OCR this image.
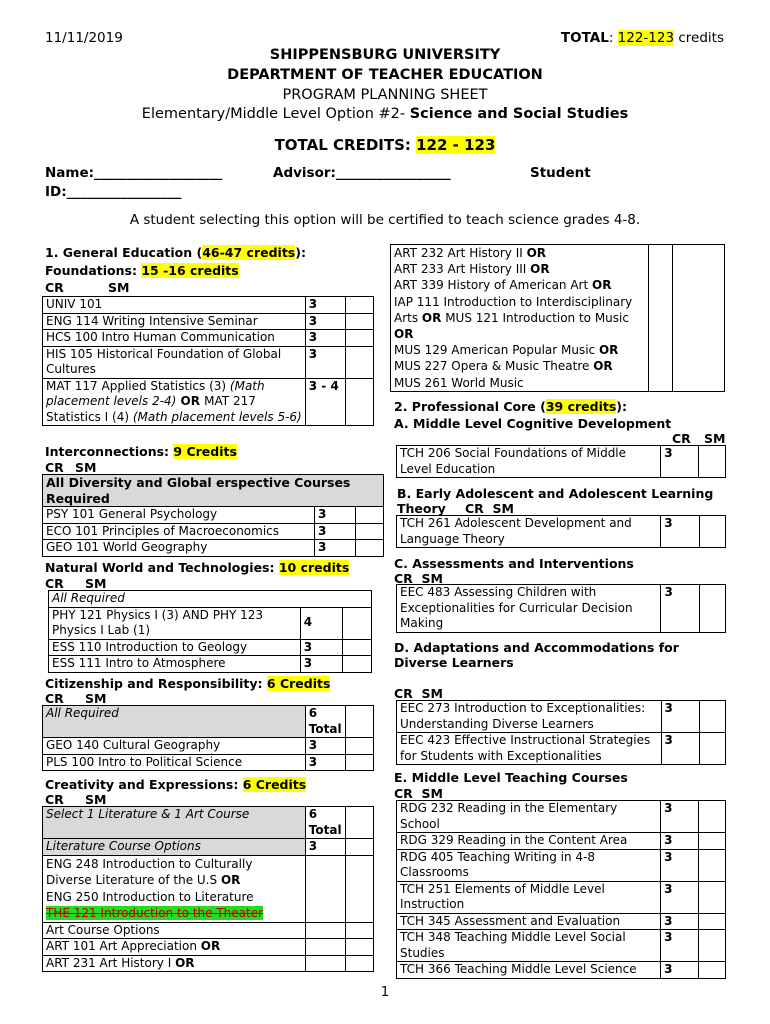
11/11/2019	TOTAL: 122-123 credits
SHIPPENSBURG UNIVERSITY
DEPARTMENT OF TEACHER EDUCATION
PROGRAM PLANNING SHEET
Elementary/Middle Level Option #2- Science and Social Studies
TOTAL CREDITS: 122 - 123
Name:___________________	Advisor:_________________	Student
ID:_________________
A student selecting this option will be certified to teach science grades 4-8.
1. General Education (46-47 credits):
Foundations: 15 -16 credits
CR	SM
UNIV 101	3	
ENG 114 Writing Intensive Seminar	3	
HCS 100 Intro Human Communication	3	
HIS 105 Historical Foundation of Global Cultures	3	
MAT 117 Applied Statistics (3) (Math placement levels 2-4) OR MAT 217 Statistics I (4) (Math placement levels 5-6)	3 - 4	
Interconnections: 9 Credits
CR SM
All Diversity and Global erspective Courses Required		
PSY 101 General Psychology	3	
ECO 101 Principles of Macroeconomics	3	
GEO 101 World Geography	3	
Natural World and Technologies: 10 credits
CR SM
All Required		
PHY 121 Physics I (3) AND PHY 123 Physics I Lab (1)	4	
ESS 110 Introduction to Geology	3	
ESS 111 Intro to Atmosphere	3	
Citizenship and Responsibility: 6 Credits
CR SM
All Required	6 Total	
GEO 140 Cultural Geography	3	
PLS 100 Intro to Political Science	3	
Creativity and Expressions: 6 Credits
CR SM
Select 1 Literature & 1 Art Course	6 Total	
Literature Course Options	3	
ENG 248 Introduction to Culturally Diverse Literature of the U.S OR
ENG 250 Introduction to Literature
THE 121 Introduction to the Theater		
Art Course Options		
ART 101 Art Appreciation OR		
ART 231 Art History I OR		
ART 232 Art History II OR
ART 233 Art History III OR
ART 339 History of American Art OR
IAP 111 Introduction to Interdisciplinary Arts OR MUS 121 Introduction to Music OR
MUS 129 American Popular Music OR
MUS 227 Opera & Music Theatre OR
MUS 261 World Music		
2. Professional Core (39 credits):
A. Middle Level Cognitive Development
CR SM
TCH 206 Social Foundations of Middle Level Education	3	
B. Early Adolescent and Adolescent Learning Theory	CR SM
TCH 261 Adolescent Development and Language Theory	3	
C. Assessments and Interventions
CR SM
EEC 483 Assessing Children with Exceptionalities for Curricular Decision Making	3	
D. Adaptations and Accommodations for Diverse Learners
CR SM
EEC 273 Introduction to Exceptionalities: Understanding Diverse Learners	3	
EEC 423 Effective Instructional Strategies for Students with Exceptionalities	3	
E. Middle Level Teaching Courses
CR SM
RDG 232 Reading in the Elementary School	3	
RDG 329 Reading in the Content Area	3	
RDG 405 Teaching Writing in 4-8 Classrooms	3	
TCH 251 Elements of Middle Level Instruction	3	
TCH 345 Assessment and Evaluation	3	
TCH 348 Teaching Middle Level Social Studies	3	
TCH 366 Teaching Middle Level Science	3	
1
